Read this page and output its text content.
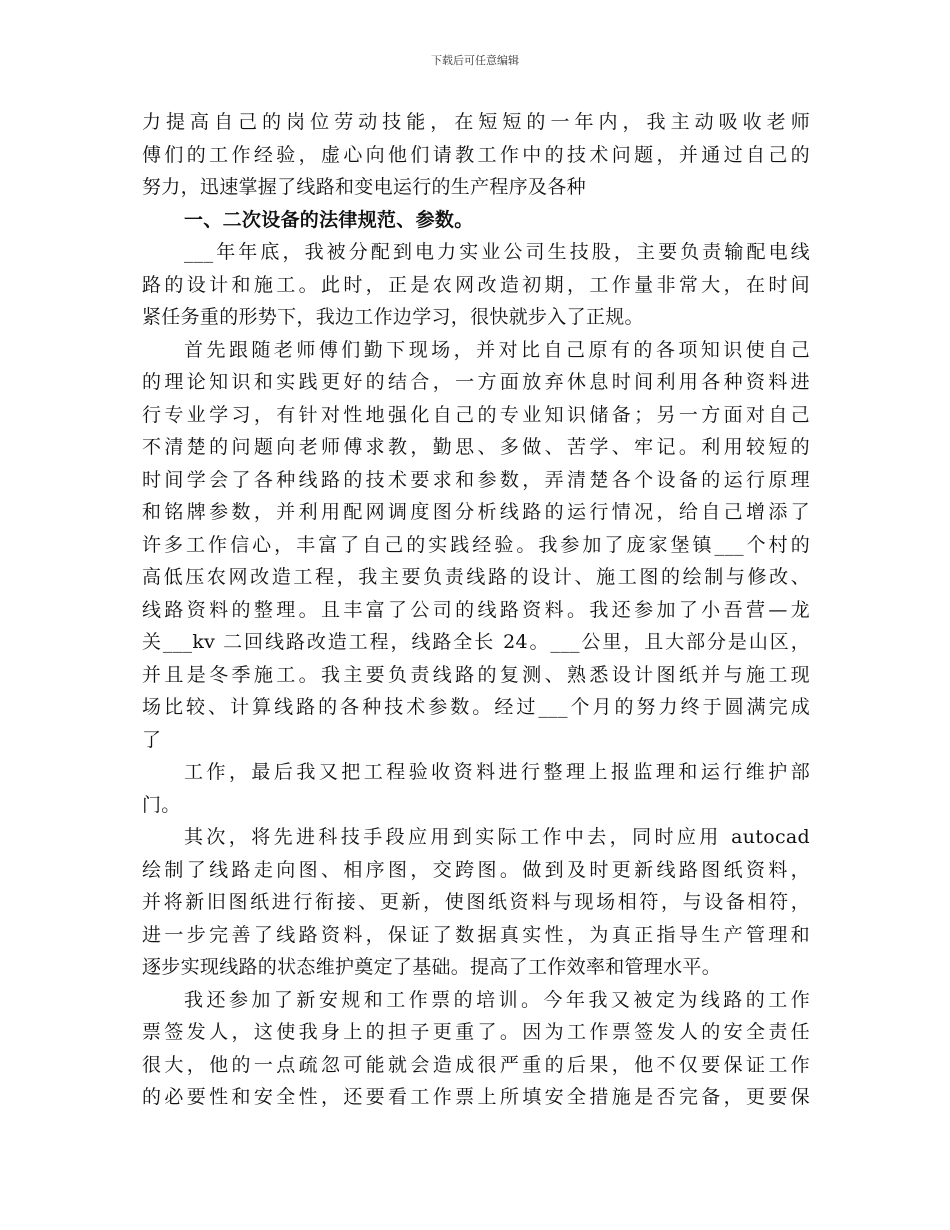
下载后可任意编辑
力提高自己的岗位劳动技能，在短短的一年内，我主动吸收老师
傅们的工作经验，虚心向他们请教工作中的技术问题，并通过自己的
努力，迅速掌握了线路和变电运行的生产程序及各种
一、二次设备的法律规范、参数。
___年年底，我被分配到电力实业公司生技股，主要负责输配电线
路的设计和施工。此时，正是农网改造初期，工作量非常大，在时间
紧任务重的形势下，我边工作边学习，很快就步入了正规。
首先跟随老师傅们勤下现场，并对比自己原有的各项知识使自己
的理论知识和实践更好的结合，一方面放弃休息时间利用各种资料进
行专业学习，有针对性地强化自己的专业知识储备；另一方面对自己
不清楚的问题向老师傅求教，勤思、多做、苦学、牢记。利用较短的
时间学会了各种线路的技术要求和参数，弄清楚各个设备的运行原理
和铭牌参数，并利用配网调度图分析线路的运行情况，给自己增添了
许多工作信心，丰富了自己的实践经验。我参加了庞家堡镇___个村的
高低压农网改造工程，我主要负责线路的设计、施工图的绘制与修改、
线路资料的整理。且丰富了公司的线路资料。我还参加了小吾营—龙
关___kv 二回线路改造工程，线路全长 24。___公里，且大部分是山区，
并且是冬季施工。我主要负责线路的复测、熟悉设计图纸并与施工现
场比较、计算线路的各种技术参数。经过___个月的努力终于圆满完成
了
工作，最后我又把工程验收资料进行整理上报监理和运行维护部
门。
其次，将先进科技手段应用到实际工作中去，同时应用 autocad
绘制了线路走向图、相序图，交跨图。做到及时更新线路图纸资料，
并将新旧图纸进行衔接、更新，使图纸资料与现场相符，与设备相符，
进一步完善了线路资料，保证了数据真实性，为真正指导生产管理和
逐步实现线路的状态维护奠定了基础。提高了工作效率和管理水平。
我还参加了新安规和工作票的培训。今年我又被定为线路的工作
票签发人，这使我身上的担子更重了。因为工作票签发人的安全责任
很大，他的一点疏忽可能就会造成很严重的后果，他不仅要保证工作
的必要性和安全性，还要看工作票上所填安全措施是否完备，更要保
